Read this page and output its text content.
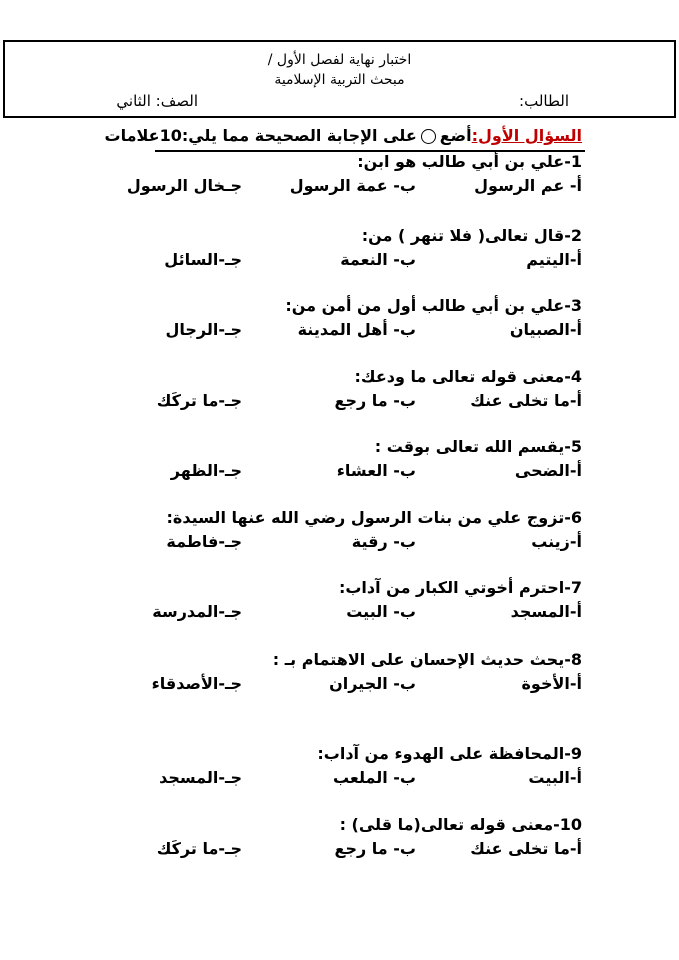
اختبار نهاية لفصل الأول /
مبحث التربية الإسلامية
الطالب:
الصف: الثاني
السؤال الأول:أضععلى الإجابة الصحيحة مما يلي:10علامات
1-علي بن أبي طالب هو ابن:
أ- عم الرسول
ب- عمة الرسول
جـخال الرسول
2-قال تعالى( فلا تنهر ) من:
أ-اليتيم
ب- النعمة
جـ-السائل
3-علي بن أبي طالب أول من أمن من:
أ-الصبيان
ب- أهل المدينة
جـ-الرجال
4-معنى قوله تعالى ما ودعك:
أ-ما تخلى عنك
ب- ما رجع
جـ-ما تركَك
5-يقسم الله تعالى بوقت :
أ-الضحى
ب- العشاء
جـ-الظهر
6-تزوج علي من بنات الرسول رضي الله عنها السيدة:
أ-زينب
ب- رقية
جـ-فاطمة
7-احترم أخوتي الكبار من آداب:
أ-المسجد
ب- البيت
جـ-المدرسة
8-يحث حديث الإحسان على الاهتمام بـ :
أ-الأخوة
ب- الجيران
جـ-الأصدقاء
9-المحافظة على الهدوء من آداب:
أ-البيت
ب- الملعب
جـ-المسجد
10-معنى قوله تعالى(ما قلى) :
أ-ما تخلى عنك
ب- ما رجع
جـ-ما تركَك
